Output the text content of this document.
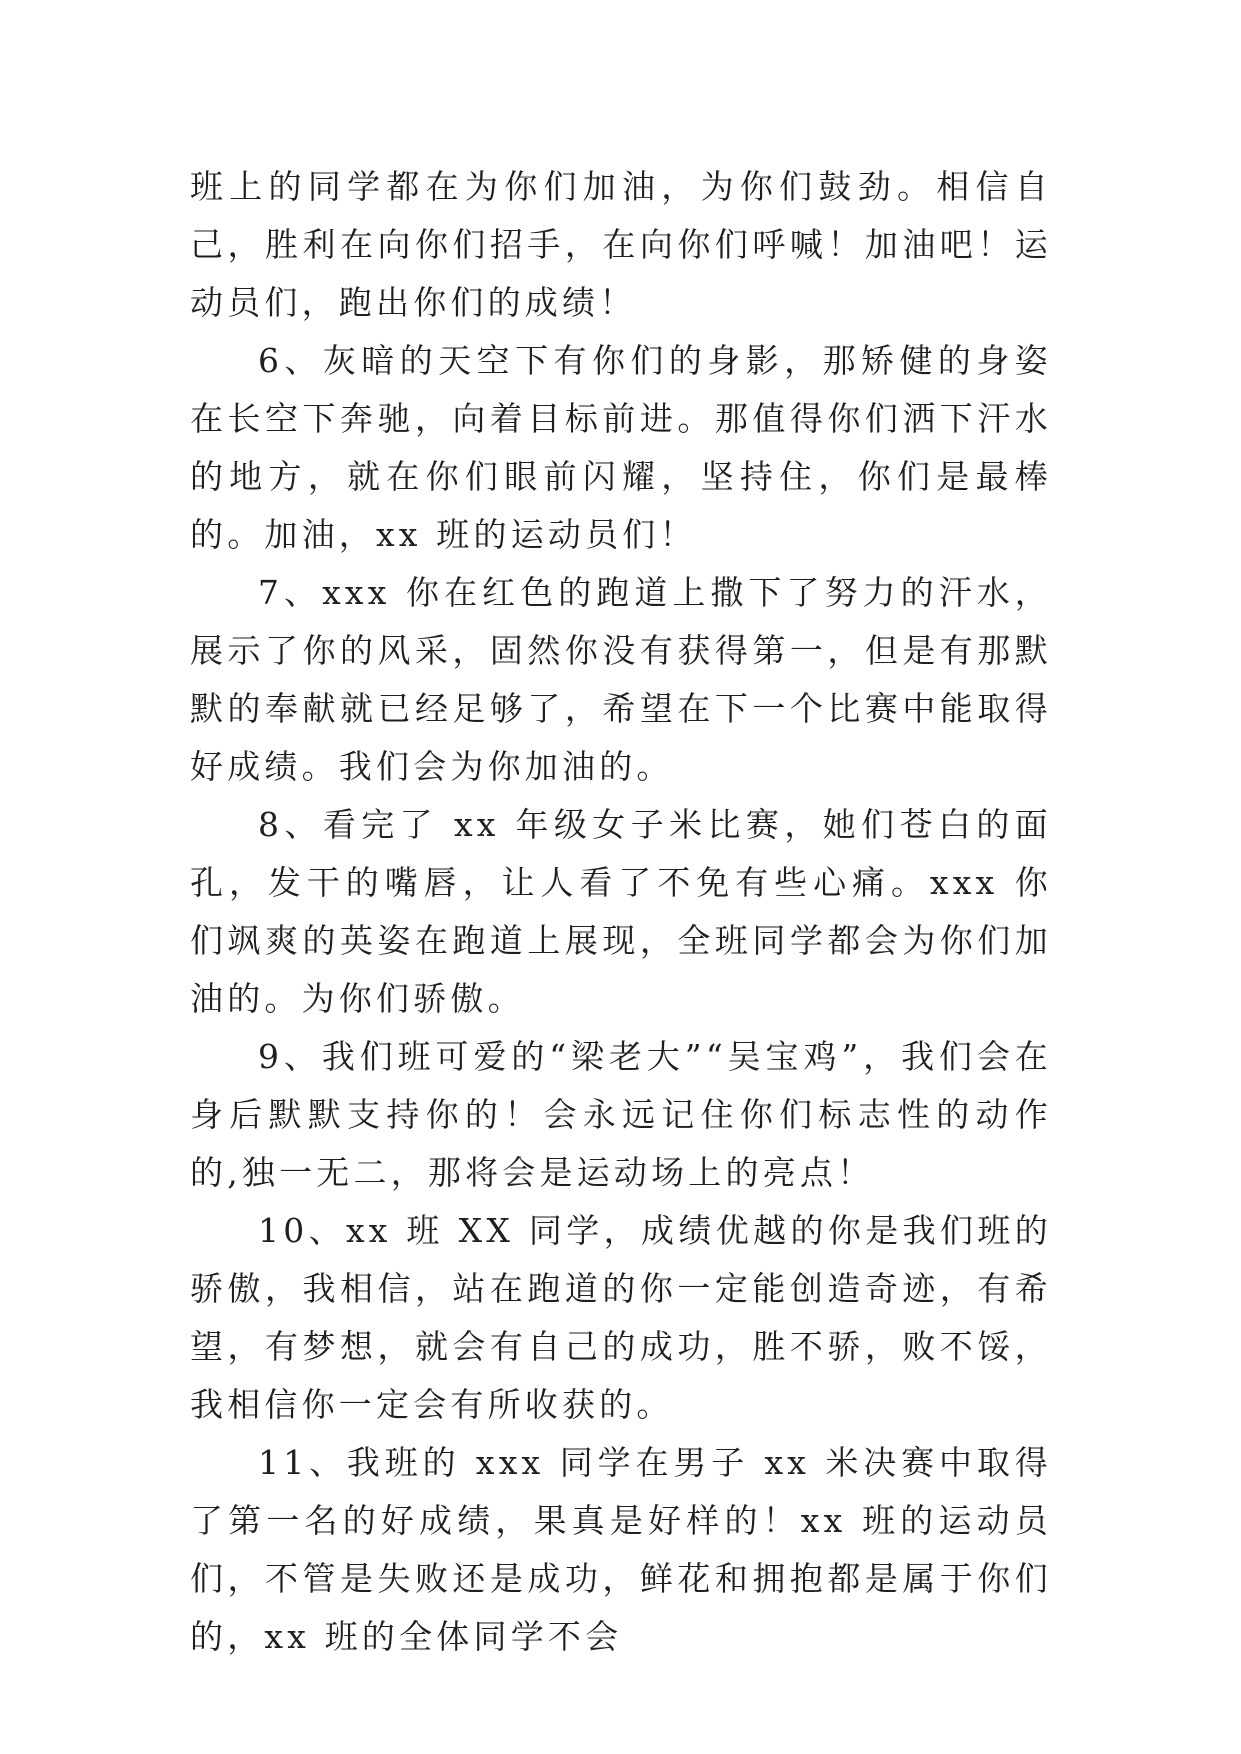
班上的同学都在为你们加油，为你们鼓劲。相信自己，胜利在向你们招手，在向你们呼喊！加油吧！运动员们，跑出你们的成绩！

6、灰暗的天空下有你们的身影，那矫健的身姿在长空下奔驰，向着目标前进。那值得你们洒下汗水的地方，就在你们眼前闪耀，坚持住，你们是最棒的。加油，xx 班的运动员们！

7、xxx 你在红色的跑道上撒下了努力的汗水，展示了你的风采，固然你没有获得第一，但是有那默默的奉献就已经足够了，希望在下一个比赛中能取得好成绩。我们会为你加油的。

8、看完了 xx 年级女子米比赛，她们苍白的面孔，发干的嘴唇，让人看了不免有些心痛。xxx 你们飒爽的英姿在跑道上展现，全班同学都会为你们加油的。为你们骄傲。

9、我们班可爱的“梁老大”“吴宝鸡”，我们会在身后默默支持你的！会永远记住你们标志性的动作的,独一无二，那将会是运动场上的亮点！

10、xx 班 XX 同学，成绩优越的你是我们班的骄傲，我相信，站在跑道的你一定能创造奇迹，有希望，有梦想，就会有自己的成功，胜不骄，败不馁，我相信你一定会有所收获的。

11、我班的 xxx 同学在男子 xx 米决赛中取得了第一名的好成绩，果真是好样的！xx 班的运动员们，不管是失败还是成功，鲜花和拥抱都是属于你们的，xx 班的全体同学不会
